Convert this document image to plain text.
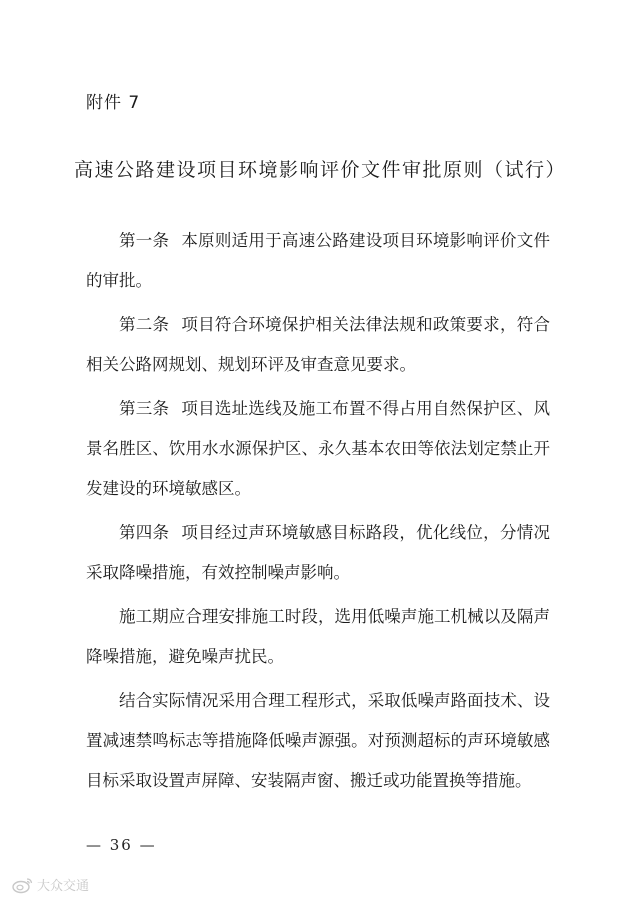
附件 7
高速公路建设项目环境影响评价文件审批原则（试行）

第一条 本原则适用于高速公路建设项目环境影响评价文件的审批。

第二条 项目符合环境保护相关法律法规和政策要求，符合相关公路网规划、规划环评及审查意见要求。

第三条 项目选址选线及施工布置不得占用自然保护区、风景名胜区、饮用水水源保护区、永久基本农田等依法划定禁止开发建设的环境敏感区。

第四条 项目经过声环境敏感目标路段，优化线位，分情况采取降噪措施，有效控制噪声影响。

施工期应合理安排施工时段，选用低噪声施工机械以及隔声降噪措施，避免噪声扰民。

结合实际情况采用合理工程形式，采取低噪声路面技术、设置减速禁鸣标志等措施降低噪声源强。对预测超标的声环境敏感目标采取设置声屏障、安装隔声窗、搬迁或功能置换等措施。

— 36 —
大众交通
